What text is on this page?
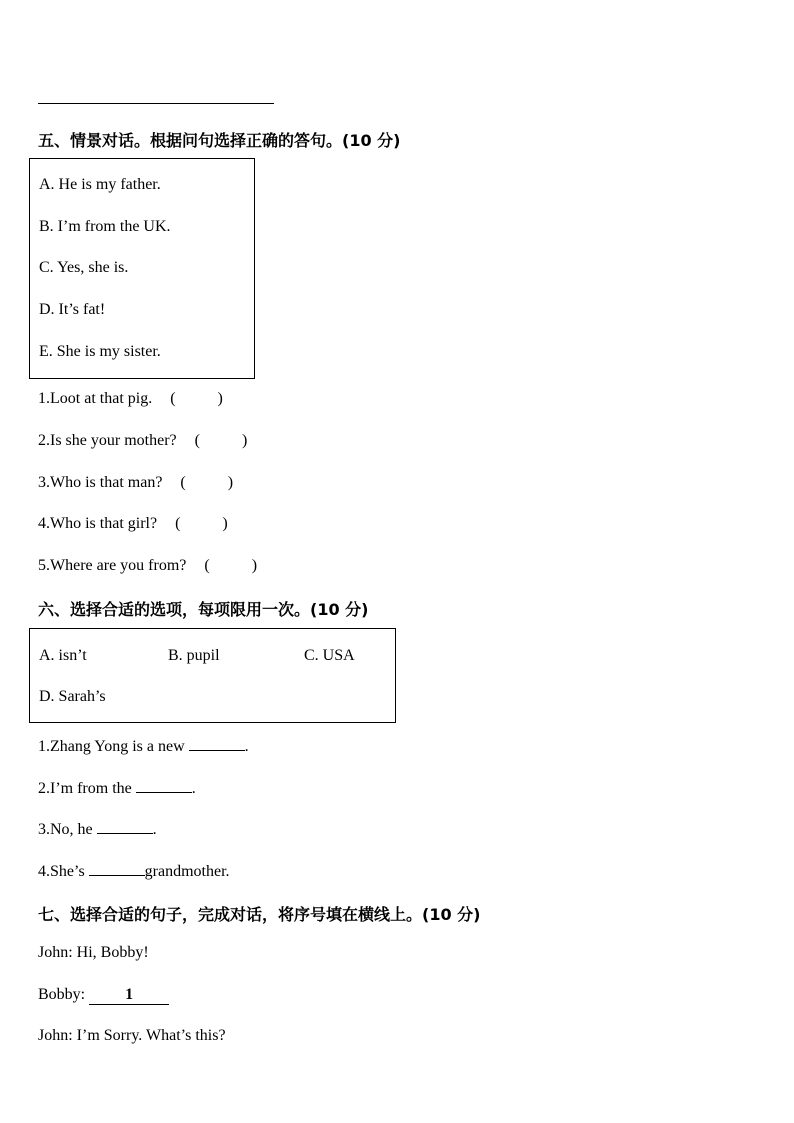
五、情景对话。根据问句选择正确的答句。(10 分)
A. He is my father.
B. I’m from the UK.
C. Yes, she is.
D. It’s fat!
E. She is my sister.
1.Loot at that pig. (	)
2.Is she your mother? (	)
3.Who is that man? (	)
4.Who is that girl? (	)
5.Where are you from? (	)
六、选择合适的选项，每项限用一次。(10 分)
A. isn’t	B. pupil	C. USA
D. Sarah’s
1.Zhang Yong is a new	.
2.I’m from the	.
3.No, he	.
4.She’s	grandmother.
七、选择合适的句子，完成对话，将序号填在横线上。(10 分)
John: Hi, Bobby!
Bobby: 1
John: I’m Sorry. What’s this?
